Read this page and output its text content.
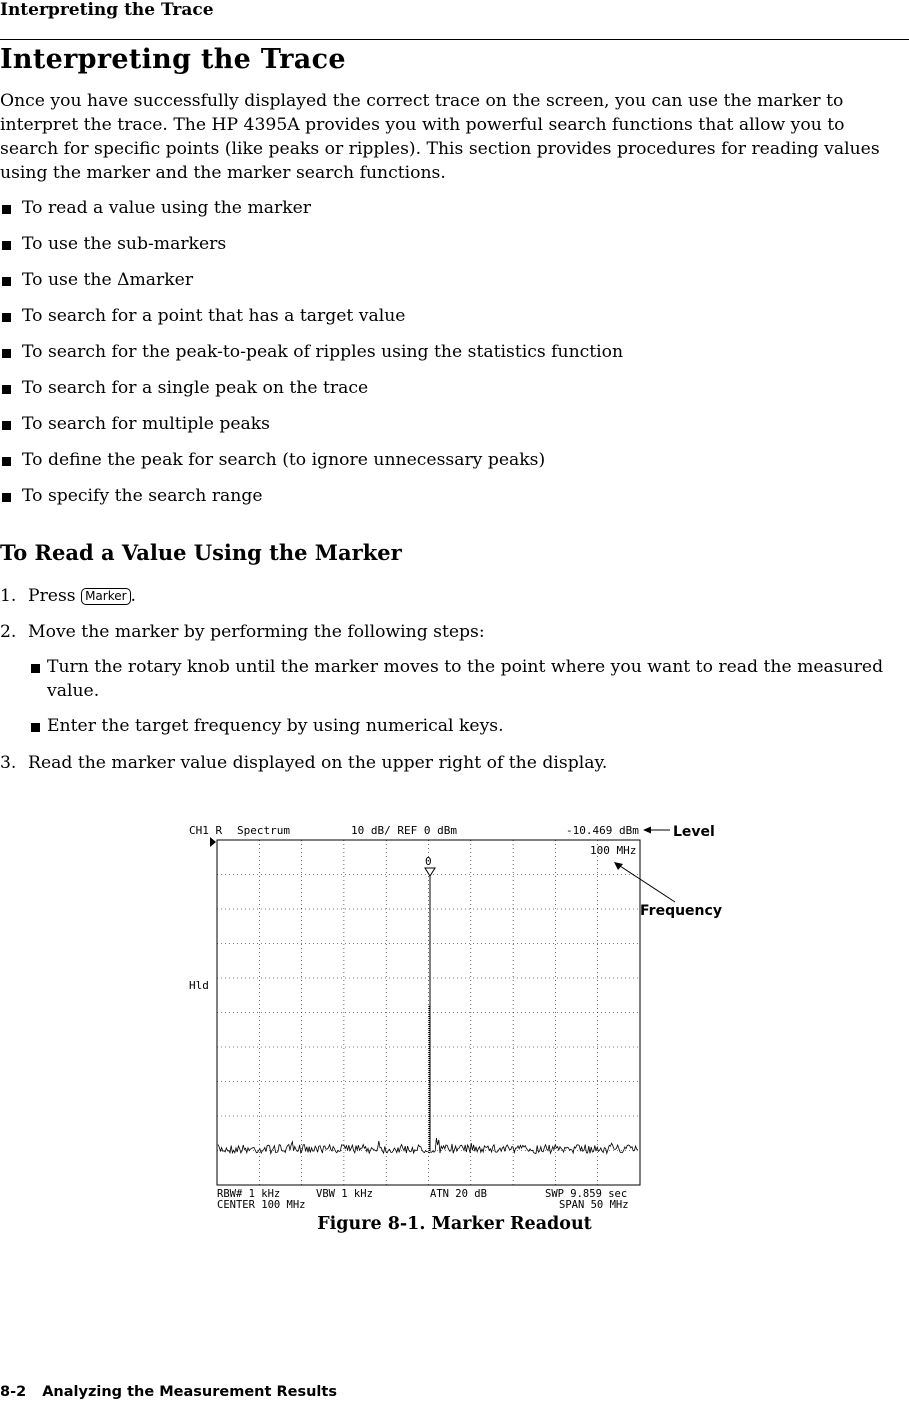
Interpreting the Trace
Interpreting the Trace

Once you have successfully displayed the correct trace on the screen, you can use the marker to interpret the trace. The HP 4395A provides you with powerful search functions that allow you to search for specific points (like peaks or ripples). This section provides procedures for reading values using the marker and the marker search functions.

To read a value using the marker
To use the sub-markers
To use the Δmarker
To search for a point that has a target value
To search for the peak-to-peak of ripples using the statistics function
To search for a single peak on the trace
To search for multiple peaks
To define the peak for search (to ignore unnecessary peaks)
To specify the search range
To Read a Value Using the Marker
1. Press Marker .
2. Move the marker by performing the following steps:
Turn the rotary knob until the marker moves to the point where you want to read the measured value.
Enter the target frequency by using numerical keys.
3. Read the marker value displayed on the upper right of the display.
CH1 R Spectrum	10 dB/ REF 0 dBm	-10.469 dBm
0
100 MHz
Hld
RBW# 1 kHz	VBW 1 kHz	ATN 20 dB	SWP 9.859 sec
CENTER 100 MHz	SPAN 50 MHz
Level
Frequency
Figure 8-1. Marker Readout
8-2 Analyzing the Measurement Results
